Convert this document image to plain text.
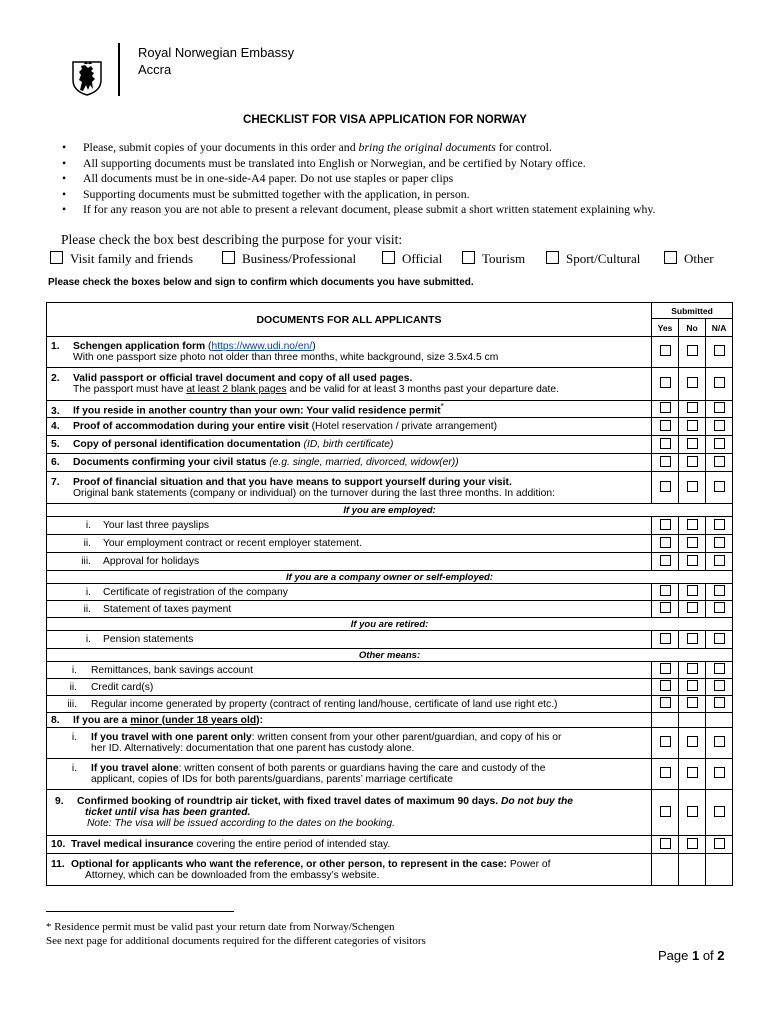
Royal Norwegian Embassy
Accra
CHECKLIST FOR VISA APPLICATION FOR NORWAY
• Please, submit copies of your documents in this order and bring the original documents for control.
• All supporting documents must be translated into English or Norwegian, and be certified by Notary office.
• All documents must be in one-side-A4 paper. Do not use staples or paper clips
• Supporting documents must be submitted together with the application, in person.
• If for any reason you are not able to present a relevant document, please submit a short written statement explaining why.
Please check the box best describing the purpose for your visit:
Visit family and friends	Business/Professional	Official	Tourism	Sport/Cultural	Other
Please check the boxes below and sign to confirm which documents you have submitted.
DOCUMENTS FOR ALL APPLICANTS	Submitted		
	Yes	No	N/A
1. Schengen application form (https://www.udi.no/en/)
With one passport size photo not older than three months, white background, size 3.5x4.5 cm			

2. Valid passport or official travel document and copy of all used pages.
The passport must have at least 2 blank pages and be valid for at least 3 months past your departure date.			

3. If you reside in another country than your own: Your valid residence permit*			
4. Proof of accommodation during your entire visit (Hotel reservation / private arrangement)			
5. Copy of personal identification documentation (ID, birth certificate)			
6. Documents confirming your civil status (e.g. single, married, divorced, widow(er))			
7. Proof of financial situation and that you have means to support yourself during your visit.
Original bank statements (company or individual) on the turnover during the last three months. In addition:			

If you are employed:			
i. Your last three payslips			
ii. Your employment contract or recent employer statement.			
iii. Approval for holidays			
If you are a company owner or self-employed:			
i. Certificate of registration of the company			
ii. Statement of taxes payment			
If you are retired:			
i. Pension statements			
Other means:			
i. Remittances, bank savings account			
ii. Credit card(s)			
iii. Regular income generated by property (contract of renting land/house, certificate of land use right etc.)			
8. If you are a minor (under 18 years old):			
i. If you travel with one parent only: written consent from your other parent/guardian, and copy of his or
her ID. Alternatively: documentation that one parent has custody alone.			

i. If you travel alone: written consent of both parents or guardians having the care and custody of the
applicant, copies of IDs for both parents/guardians, parents’ marriage certificate			

9. Confirmed booking of roundtrip air ticket, with fixed travel dates of maximum 90 days. Do not buy the
ticket until visa has been granted.
Note: The visa will be issued according to the dates on the booking.			

10. Travel medical insurance covering the entire period of intended stay.			
11. Optional for applicants who want the reference, or other person, to represent in the case: Power of
Attorney, which can be downloaded from the embassy’s website.			

* Residence permit must be valid past your return date from Norway/Schengen
See next page for additional documents required for the different categories of visitors
Page 1 of 2
